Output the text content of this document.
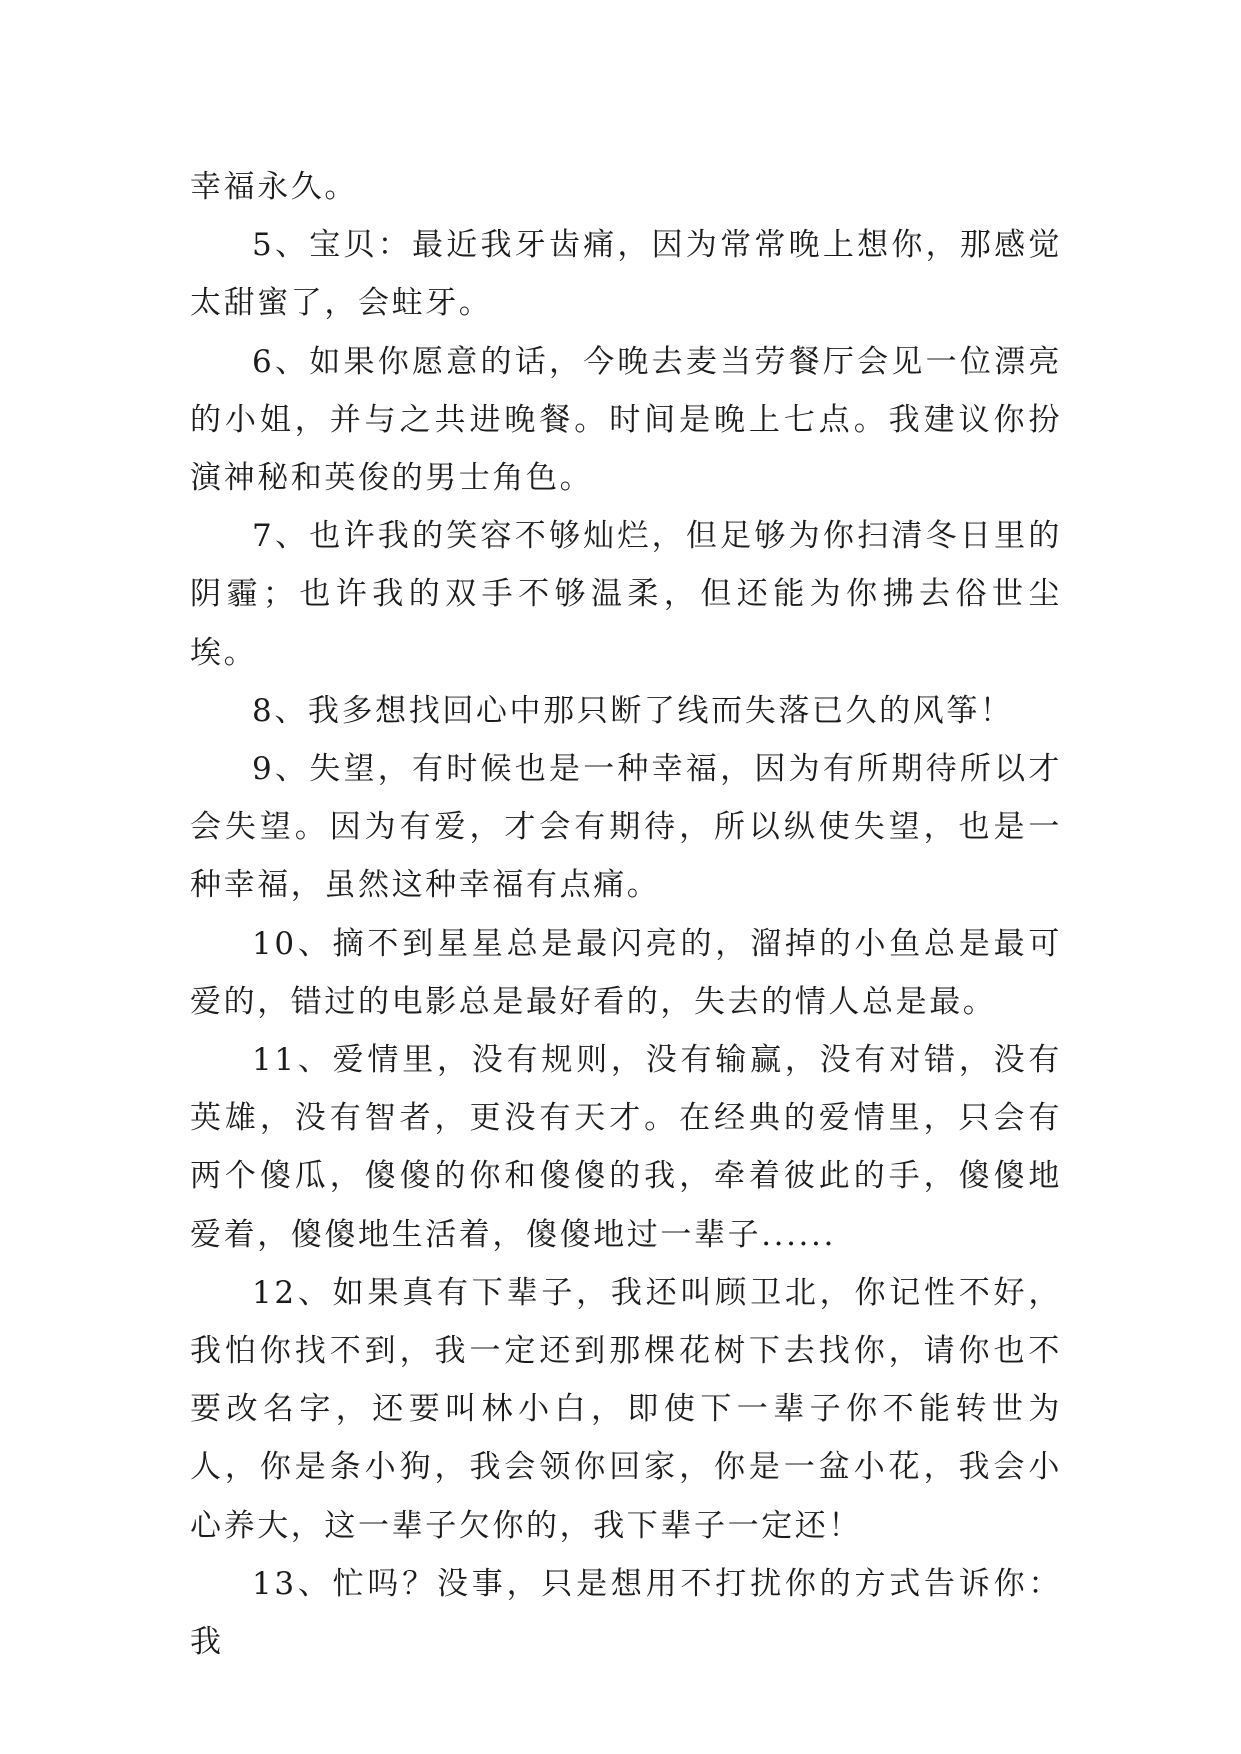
幸福永久。

5、宝贝：最近我牙齿痛，因为常常晚上想你，那感觉太甜蜜了，会蛀牙。

6、如果你愿意的话，今晚去麦当劳餐厅会见一位漂亮的小姐，并与之共进晚餐。时间是晚上七点。我建议你扮演神秘和英俊的男士角色。

7、也许我的笑容不够灿烂，但足够为你扫清冬日里的阴霾；也许我的双手不够温柔，但还能为你拂去俗世尘埃。

8、我多想找回心中那只断了线而失落已久的风筝！

9、失望，有时候也是一种幸福，因为有所期待所以才会失望。因为有爱，才会有期待，所以纵使失望，也是一种幸福，虽然这种幸福有点痛。

10、摘不到星星总是最闪亮的，溜掉的小鱼总是最可爱的，错过的电影总是最好看的，失去的情人总是最。

11、爱情里，没有规则，没有输赢，没有对错，没有英雄，没有智者，更没有天才。在经典的爱情里，只会有两个傻瓜，傻傻的你和傻傻的我，牵着彼此的手，傻傻地爱着，傻傻地生活着，傻傻地过一辈子......

12、如果真有下辈子，我还叫顾卫北，你记性不好，我怕你找不到，我一定还到那棵花树下去找你，请你也不要改名字，还要叫林小白，即使下一辈子你不能转世为人，你是条小狗，我会领你回家，你是一盆小花，我会小心养大，这一辈子欠你的，我下辈子一定还！

13、忙吗？没事，只是想用不打扰你的方式告诉你：我
